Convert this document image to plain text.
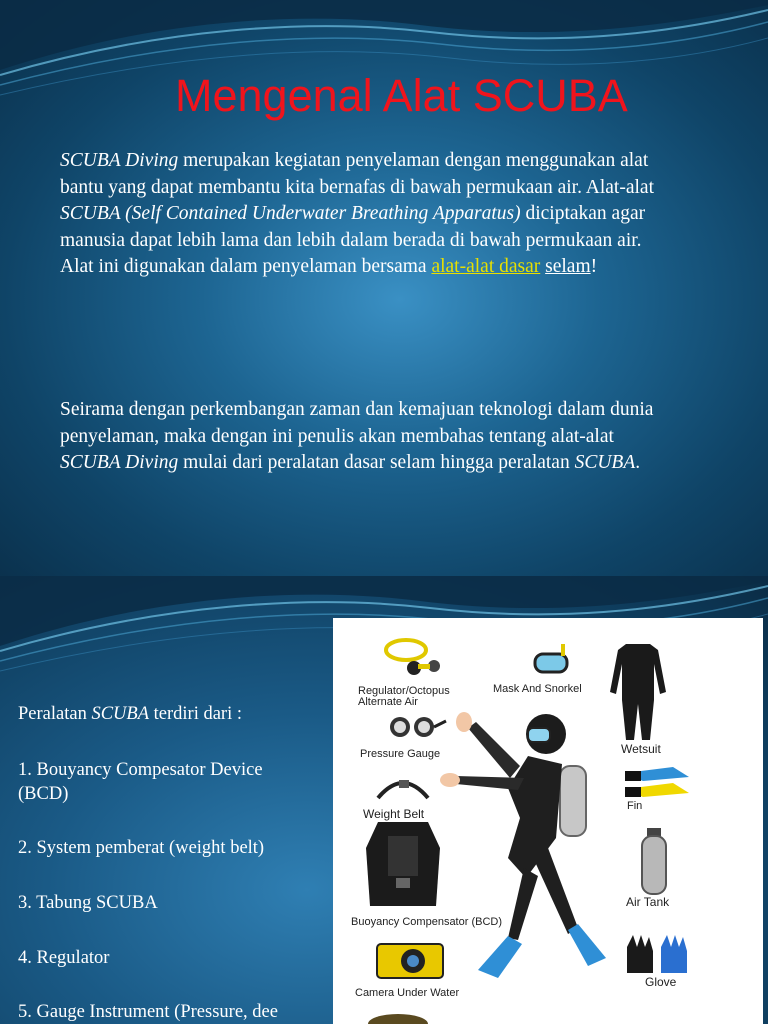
Mengenal Alat SCUBA

SCUBA Diving merupakan kegiatan penyelaman dengan menggunakan alat bantu yang dapat membantu kita bernafas di bawah permukaan air. Alat-alat SCUBA (Self Contained Underwater Breathing Apparatus) diciptakan agar manusia dapat lebih lama dan lebih dalam berada di bawah permukaan air. Alat ini digunakan dalam penyelaman bersama alat-alat dasar selam!

Seirama dengan perkembangan zaman dan kemajuan teknologi dalam dunia penyelaman, maka dengan ini penulis akan membahas tentang alat-alat SCUBA Diving mulai dari peralatan dasar selam hingga peralatan SCUBA.

Peralatan SCUBA terdiri dari :

1. Bouyancy Compesator Device

(BCD)

2. System pemberat (weight belt)

3. Tabung SCUBA

4. Regulator

5. Gauge Instrument (Pressure, dee

Regulator/Octopus
Alternate Air
Mask And Snorkel
Wetsuit
Pressure Gauge
Fin
Weight Belt
Buoyancy Compensator (BCD)
Air Tank
Camera Under Water
Glove
